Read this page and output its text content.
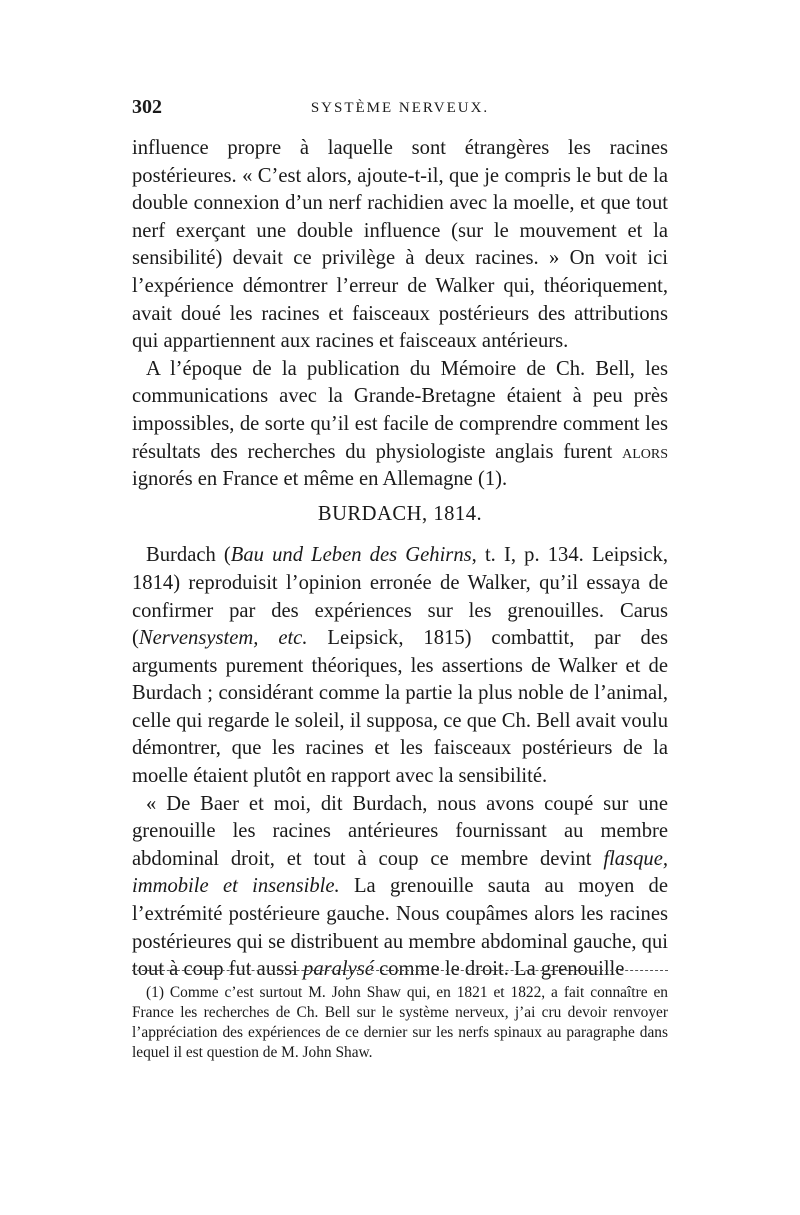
302	SYSTÈME NERVEUX.

influence propre à laquelle sont étrangères les racines postérieures. « C’est alors, ajoute-t-il, que je compris le but de la double connexion d’un nerf rachidien avec la moelle, et que tout nerf exerçant une double influence (sur le mouvement et la sensibilité) devait ce privilège à deux racines. » On voit ici l’expérience démontrer l’erreur de Walker qui, théoriquement, avait doué les racines et faisceaux postérieurs des attributions qui appartiennent aux racines et faisceaux antérieurs.

A l’époque de la publication du Mémoire de Ch. Bell, les communications avec la Grande-Bretagne étaient à peu près impossibles, de sorte qu’il est facile de comprendre comment les résultats des recherches du physiologiste anglais furent alors ignorés en France et même en Allemagne (1).

BURDACH, 1814.

Burdach (Bau und Leben des Gehirns, t. I, p. 134. Leipsick, 1814) reproduisit l’opinion erronée de Walker, qu’il essaya de confirmer par des expériences sur les grenouilles. Carus (Nervensystem, etc. Leipsick, 1815) combattit, par des arguments purement théoriques, les assertions de Walker et de Burdach ; considérant comme la partie la plus noble de l’animal, celle qui regarde le soleil, il supposa, ce que Ch. Bell avait voulu démontrer, que les racines et les faisceaux postérieurs de la moelle étaient plutôt en rapport avec la sensibilité.

« De Baer et moi, dit Burdach, nous avons coupé sur une grenouille les racines antérieures fournissant au membre abdominal droit, et tout à coup ce membre devint flasque, immobile et insensible. La grenouille sauta au moyen de l’extrémité postérieure gauche. Nous coupâmes alors les racines postérieures qui se distribuent au membre abdominal gauche, qui tout à coup fut aussi paralysé comme le droit. La grenouille

(1) Comme c’est surtout M. John Shaw qui, en 1821 et 1822, a fait connaître en France les recherches de Ch. Bell sur le système nerveux, j’ai cru devoir renvoyer l’appréciation des expériences de ce dernier sur les nerfs spinaux au paragraphe dans lequel il est question de M. John Shaw.
